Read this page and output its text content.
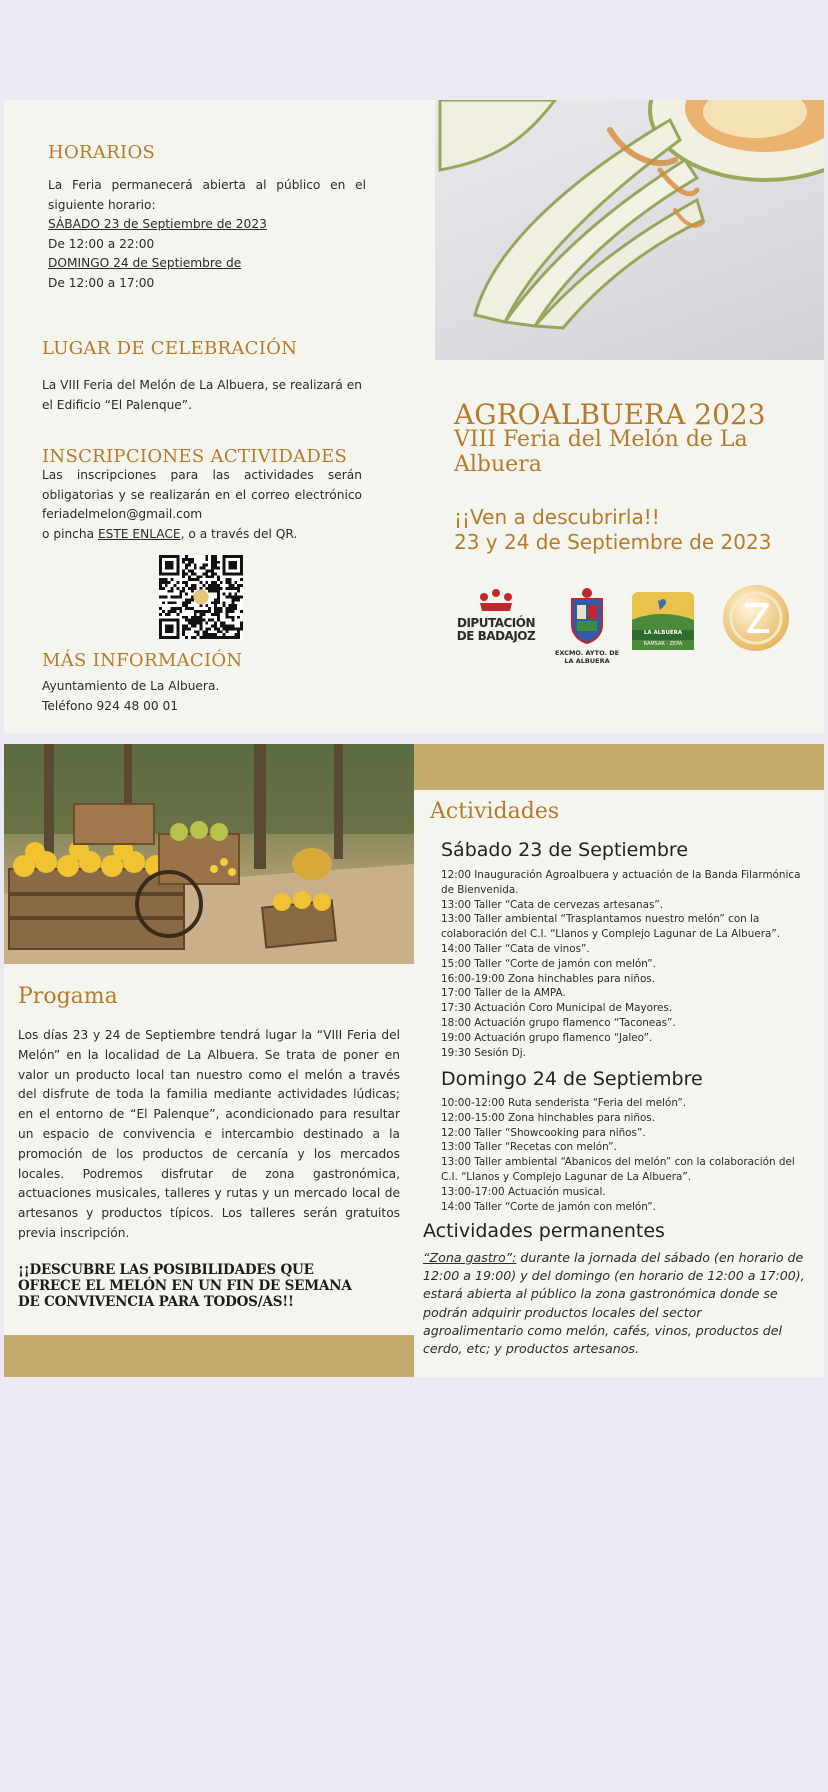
HORARIOS
La Feria permanecerá abierta al público en el siguiente horario:
SÁBADO 23 de Septiembre de 2023
De 12:00 a 22:00
DOMINGO 24 de Septiembre de
De 12:00 a 17:00
LUGAR DE CELEBRACIÓN
La VIII Feria del Melón de La Albuera, se realizará en el Edificio “El Palenque”.
INSCRIPCIONES ACTIVIDADES
Las inscripciones para las actividades serán obligatorias y se realizarán en el correo electrónico feriadelmelon@gmail.com
o pincha ESTE ENLACE, o a través del QR.
MÁS INFORMACIÓN
Ayuntamiento de La Albuera.
Teléfono 924 48 00 01
AGROALBUERA 2023
VIII Feria del Melón de La
Albuera
¡¡Ven a descubrirla!!
23 y 24 de Septiembre de 2023
DIPUTACIÓN
DE BADAJOZ
EXCMO. AYTO. DE
LA ALBUERA
LA ALBUERA
RAMSAR · ZEPA
Progama
Los días 23 y 24 de Septiembre tendrá lugar la “VIII Feria del Melón” en la localidad de La Albuera. Se trata de poner en valor un producto local tan nuestro como el melón a través del disfrute de toda la familia mediante actividades lúdicas; en el entorno de “El Palenque”, acondicionado para resultar un espacio de convivencia e intercambio destinado a la promoción de los productos de cercanía y los mercados locales. Podremos disfrutar de zona gastronómica, actuaciones musicales, talleres y rutas y un mercado local de artesanos y productos típicos. Los talleres serán gratuitos previa inscripción.
¡¡DESCUBRE LAS POSIBILIDADES QUE
OFRECE EL MELÓN EN UN FIN DE SEMANA
DE CONVIVENCIA PARA TODOS/AS!!
Actividades
Sábado 23 de Septiembre
12:00 Inauguración Agroalbuera y actuación de la Banda Filarmónica de Bienvenida.
13:00 Taller “Cata de cervezas artesanas”.
13:00 Taller ambiental “Trasplantamos nuestro melón” con la colaboración del C.I. “Llanos y Complejo Lagunar de La Albuera”.
14:00 Taller “Cata de vinos”.
15:00 Taller “Corte de jamón con melón”.
16:00-19:00 Zona hinchables para niños.
17:00 Taller de la AMPA.
17:30 Actuación Coro Municipal de Mayores.
18:00 Actuación grupo flamenco “Taconeas”.
19:00 Actuación grupo flamenco “Jaleo”.
19:30 Sesión Dj.
Domingo 24 de Septiembre
10:00-12:00 Ruta senderista “Feria del melón”.
12:00-15:00 Zona hinchables para niños.
12:00 Taller “Showcooking para niños”.
13:00 Taller “Recetas con melón”.
13:00 Taller ambiental “Abanicos del melón” con la colaboración del C.I. “Llanos y Complejo Lagunar de La Albuera”.
13:00-17:00 Actuación musical.
14:00 Taller “Corte de jamón con melón”.
Actividades permanentes
“Zona gastro”: durante la jornada del sábado (en horario de 12:00 a 19:00) y del domingo (en horario de 12:00 a 17:00), estará abierta al público la zona gastronómica donde se podrán adquirir productos locales del sector agroalimentario como melón, cafés, vinos, productos del cerdo, etc; y productos artesanos.
